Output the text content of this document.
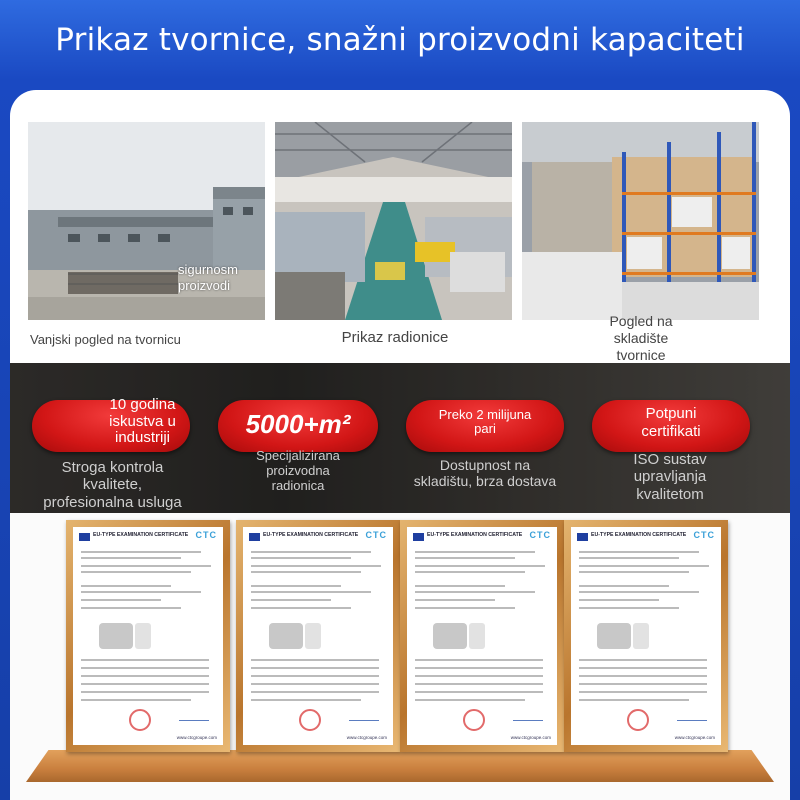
Prikaz tvornice, snažni proizvodni kapaciteti
sigurnosm
proizvodi
Vanjski pogled na tvornicu	Prikaz radionice
Pogled na
skladište
tvornice
10 godina
iskustva u
industriji
Stroga kontrola
kvalitete,
profesionalna usluga
5000+m²
Specijalizirana
proizvodna
radionica
Preko 2 milijuna
pari
Dostupnost na
skladištu, brza dostava
Potpuni
certifikati
ISO sustav
upravljanja
kvalitetom
EU-TYPE EXAMINATION CERTIFICATE CTC
www.ctcgroupe.com
EU-TYPE EXAMINATION CERTIFICATE CTC
www.ctcgroupe.com
EU-TYPE EXAMINATION CERTIFICATE CTC
www.ctcgroupe.com
EU-TYPE EXAMINATION CERTIFICATE CTC
www.ctcgroupe.com
